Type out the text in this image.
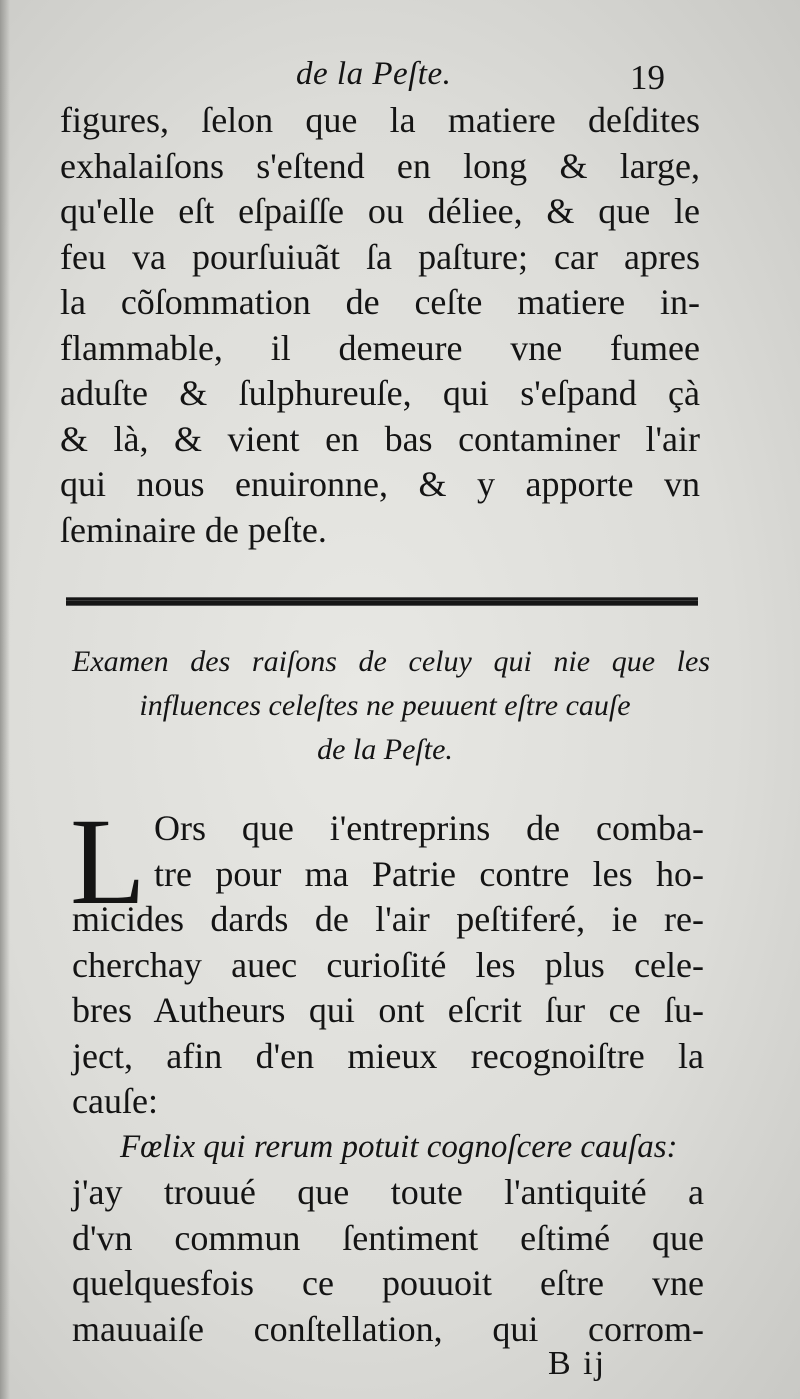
de la Peſte.	19
figures, ſelon que la matiere deſdites
exhalaiſons s'eſtend en long & large,
qu'elle eſt eſpaiſſe ou déliee, & que le
feu va pourſuiuãt ſa paſture; car apres
la cõſommation de ceſte matiere in-
flammable, il demeure vne fumee
aduſte & ſulphureuſe, qui s'eſpand çà
& là, & vient en bas contaminer l'air
qui nous enuironne, & y apporte vn
ſeminaire de peſte.
Examen des raiſons de celuy qui nie que les
influences celeſtes ne peuuent eſtre cauſe
de la Peſte.
L Ors que i'entreprins de comba-
tre pour ma Patrie contre les ho-
micides dards de l'air peſtiferé, ie re-
cherchay auec curioſité les plus cele-
bres Autheurs qui ont eſcrit ſur ce ſu-
ject, afin d'en mieux recognoiſtre la
cauſe:
Fœlix qui rerum potuit cognoſcere cauſas:
j'ay trouué que toute l'antiquité a
d'vn commun ſentiment eſtimé que
quelquesfois ce pouuoit eſtre vne
mauuaiſe conſtellation, qui corrom-
B ij
